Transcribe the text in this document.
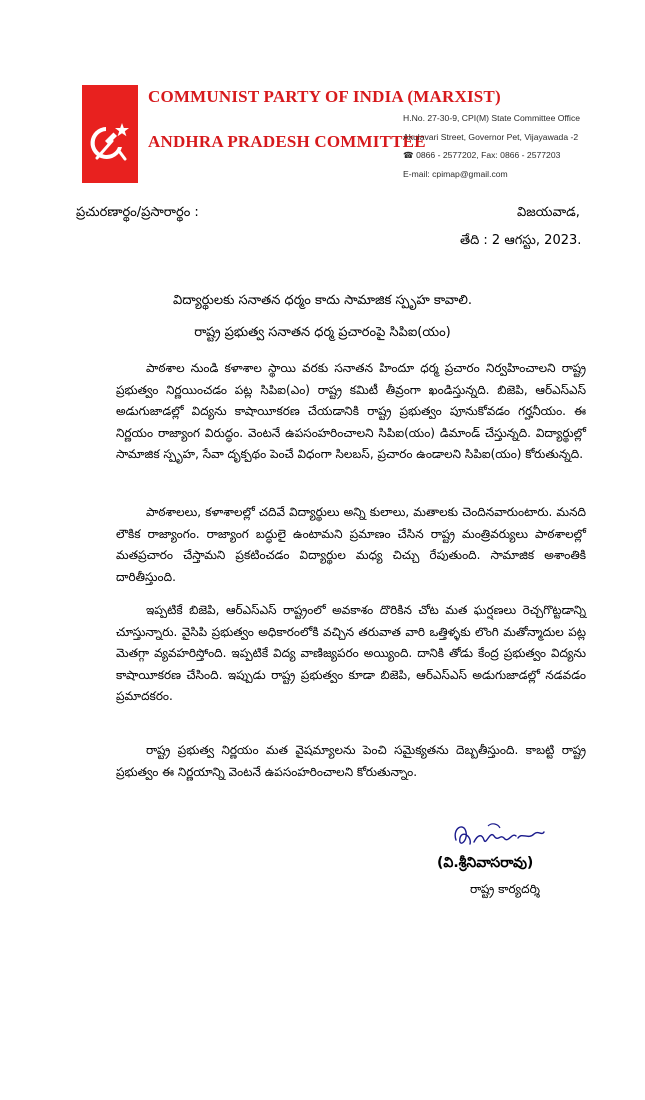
COMMUNIST PARTY OF INDIA (MARXIST)
ANDHRA PRADESH COMMITTEE
H.No. 27-30-9, CPI(M) State Committee Office
Akulavari Street, Governor Pet, Vijayawada -2
☎ 0866 - 2577202, Fax: 0866 - 2577203
E-mail: cpimap@gmail.com
ప్రచురణార్థం/ప్రసారార్థం :	విజయవాడ,
తేది : 2 ఆగస్టు, 2023.
విద్యార్థులకు సనాతన ధర్మం కాదు సామాజిక స్పృహ కావాలి.
రాష్ట్ర ప్రభుత్వ సనాతన ధర్మ ప్రచారంపై సిపిఐ(యం)
పాఠశాల నుండి కళాశాల స్థాయి వరకు సనాతన హిందూ ధర్మ ప్రచారం నిర్వహించాలని రాష్ట్ర ప్రభుత్వం నిర్ణయించడం పట్ల సిపిఐ(ఎం) రాష్ట్ర కమిటీ తీవ్రంగా ఖండిస్తున్నది. బిజెపి, ఆర్ఎస్ఎస్ అడుగుజాడల్లో విద్యను కాషాయీకరణ చేయడానికి రాష్ట్ర ప్రభుత్వం పూనుకోవడం గర్హనీయం. ఈ నిర్ణయం రాజ్యాంగ విరుద్ధం. వెంటనే ఉపసంహరించాలని సిపిఐ(యం) డిమాండ్ చేస్తున్నది. విద్యార్థుల్లో సామాజిక స్పృహ, సేవా దృక్పథం పెంచే విధంగా సిలబస్, ప్రచారం ఉండాలని సిపిఐ(యం) కోరుతున్నది.
పాఠశాలలు, కళాశాలల్లో చదివే విద్యార్థులు అన్ని కులాలు, మతాలకు చెందినవారుంటారు. మనది లౌకిక రాజ్యాంగం. రాజ్యాంగ బద్ధులై ఉంటామని ప్రమాణం చేసిన రాష్ట్ర మంత్రివర్యులు పాఠశాలల్లో మతప్రచారం చేస్తామని ప్రకటించడం విద్యార్థుల మధ్య చిచ్చు రేపుతుంది. సామాజిక అశాంతికి దారితీస్తుంది.
ఇప్పటికే బిజెపి, ఆర్ఎస్ఎస్ రాష్ట్రంలో అవకాశం దొరికిన చోట మత ఘర్షణలు రెచ్చగొట్టడాన్ని చూస్తున్నారు. వైసిపి ప్రభుత్వం అధికారంలోకి వచ్చిన తరువాత వారి ఒత్తిళ్ళకు లొంగి మతోన్మాదుల పట్ల మెతగ్గా వ్యవహరిస్తోంది. ఇప్పటికే విద్య వాణిజ్యపరం అయ్యింది. దానికి తోడు కేంద్ర ప్రభుత్వం విద్యను కాషాయీకరణ చేసింది. ఇప్పుడు రాష్ట్ర ప్రభుత్వం కూడా బిజెపి, ఆర్ఎస్ఎస్ అడుగుజాడల్లో నడవడం ప్రమాదకరం.
రాష్ట్ర ప్రభుత్వ నిర్ణయం మత వైషమ్యాలను పెంచి సమైక్యతను దెబ్బతీస్తుంది. కాబట్టి రాష్ట్ర ప్రభుత్వం ఈ నిర్ణయాన్ని వెంటనే ఉపసంహరించాలని కోరుతున్నాం.
(వి.శ్రీనివాసరావు)
రాష్ట్ర కార్యదర్శి
